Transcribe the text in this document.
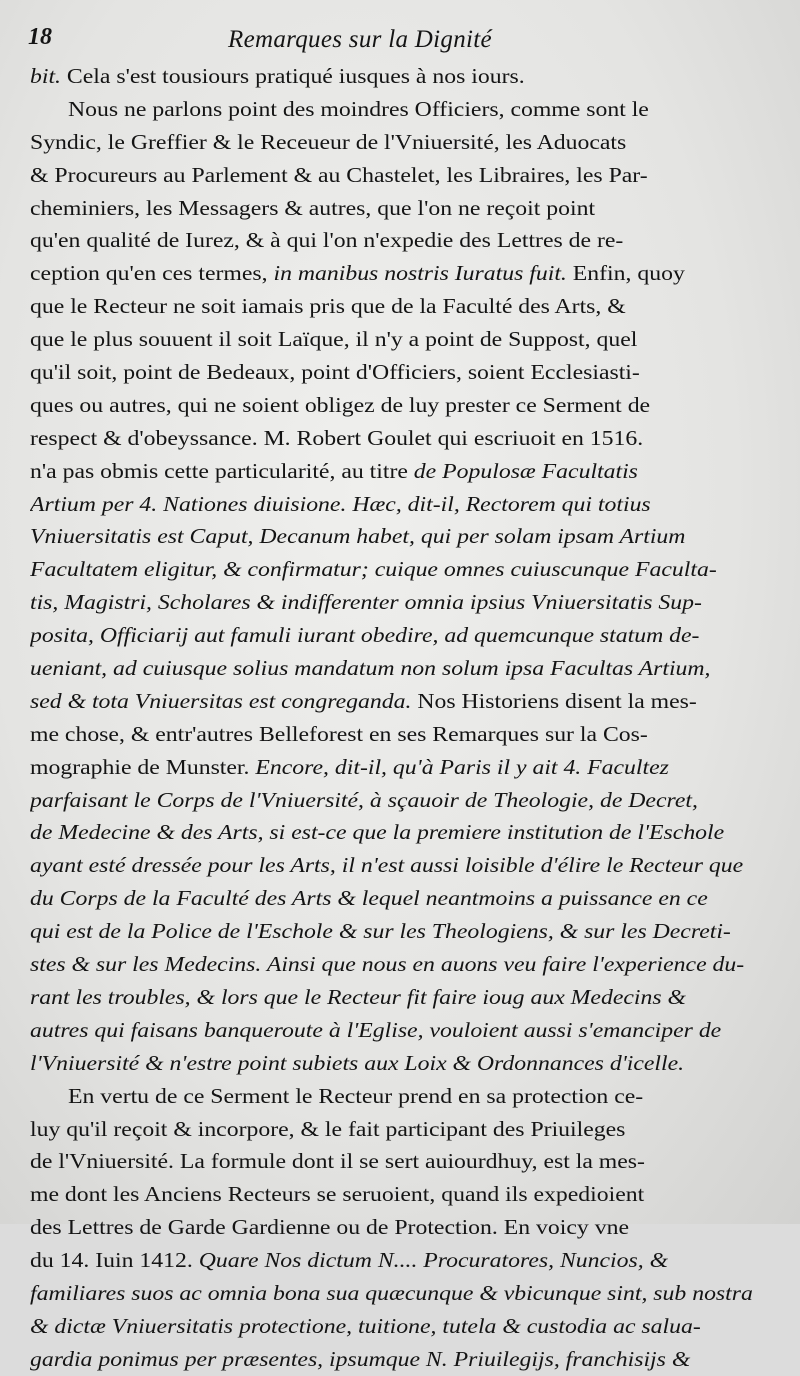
18	Remarques sur la Dignité
bit. Cela s'est tousiours pratiqué iusques à nos iours.
Nous ne parlons point des moindres Officiers, comme sont le
Syndic, le Greffier & le Receueur de l'Vniuersité, les Aduocats
& Procureurs au Parlement & au Chastelet, les Libraires, les Par-
cheminiers, les Messagers & autres, que l'on ne reçoit point
qu'en qualité de Iurez, & à qui l'on n'expedie des Lettres de re-
ception qu'en ces termes, in manibus nostris Iuratus fuit. Enfin, quoy
que le Recteur ne soit iamais pris que de la Faculté des Arts, &
que le plus souuent il soit Laïque, il n'y a point de Suppost, quel
qu'il soit, point de Bedeaux, point d'Officiers, soient Ecclesiasti-
ques ou autres, qui ne soient obligez de luy prester ce Serment de
respect & d'obeyssance. M. Robert Goulet qui escriuoit en 1516.
n'a pas obmis cette particularité, au titre de Populosæ Facultatis
Artium per 4. Nationes diuisione. Hæc, dit-il, Rectorem qui totius
Vniuersitatis est Caput, Decanum habet, qui per solam ipsam Artium
Facultatem eligitur, & confirmatur; cuique omnes cuiuscunque Faculta-
tis, Magistri, Scholares & indifferenter omnia ipsius Vniuersitatis Sup-
posita, Officiarij aut famuli iurant obedire, ad quemcunque statum de-
ueniant, ad cuiusque solius mandatum non solum ipsa Facultas Artium,
sed & tota Vniuersitas est congreganda. Nos Historiens disent la mes-
me chose, & entr'autres Belleforest en ses Remarques sur la Cos-
mographie de Munster. Encore, dit-il, qu'à Paris il y ait 4. Facultez
parfaisant le Corps de l'Vniuersité, à sçauoir de Theologie, de Decret,
de Medecine & des Arts, si est-ce que la premiere institution de l'Eschole
ayant esté dressée pour les Arts, il n'est aussi loisible d'élire le Recteur que
du Corps de la Faculté des Arts & lequel neantmoins a puissance en ce
qui est de la Police de l'Eschole & sur les Theologiens, & sur les Decreti-
stes & sur les Medecins. Ainsi que nous en auons veu faire l'experience du-
rant les troubles, & lors que le Recteur fit faire ioug aux Medecins &
autres qui faisans banqueroute à l'Eglise, vouloient aussi s'emanciper de
l'Vniuersité & n'estre point subiets aux Loix & Ordonnances d'icelle.
En vertu de ce Serment le Recteur prend en sa protection ce-
luy qu'il reçoit & incorpore, & le fait participant des Priuileges
de l'Vniuersité. La formule dont il se sert auiourdhuy, est la mes-
me dont les Anciens Recteurs se seruoient, quand ils expedioient
des Lettres de Garde Gardienne ou de Protection. En voicy vne
du 14. Iuin 1412. Quare Nos dictum N.... Procuratores, Nuncios, &
familiares suos ac omnia bona sua quæcunque & vbicunque sint, sub nostra
& dictæ Vniuersitatis protectione, tuitione, tutela & custodia ac salua-
gardia ponimus per præsentes, ipsumque N. Priuilegijs, franchisijs &
